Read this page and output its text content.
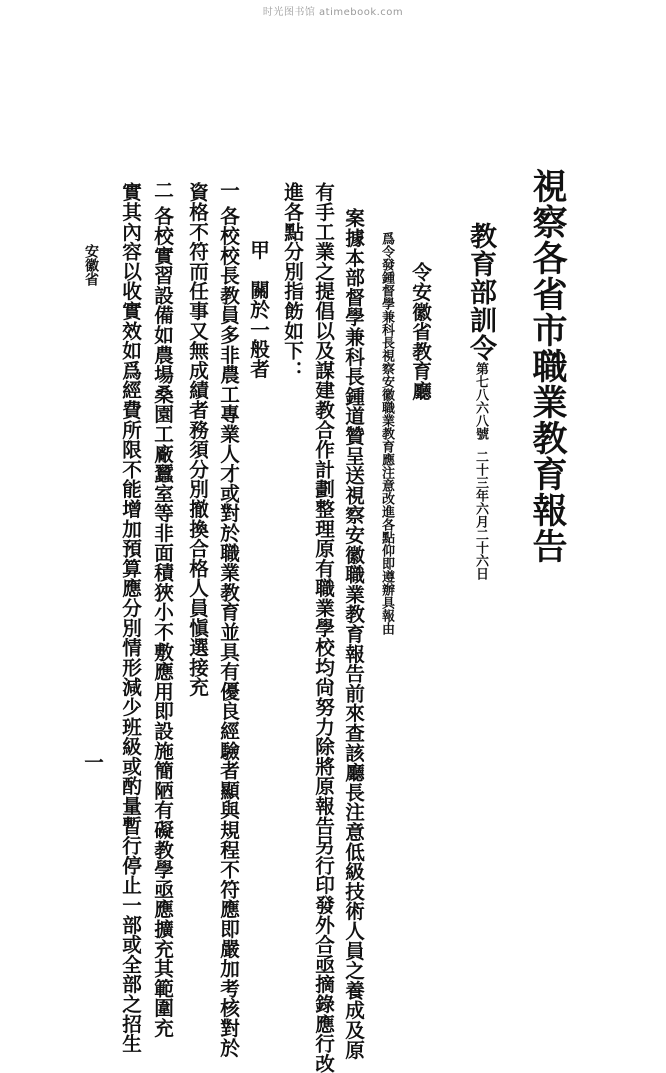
时光图书馆 atimebook.com
視察各省市職業教育報告
教育部訓令
第七八六八號
二十三年六月二十六日
令安徽省教育廳
爲令發鍾督學兼科長視察安徽職業教育應注意改進各點仰即遵辦具報由
案據本部督學兼科長鍾道贊呈送視察安徽職業教育報告前來查該廳長注意低級技術人員之養成及原
有手工業之提倡以及謀建教合作計劃整理原有職業學校均尙努力除將原報告另行印發外合亟摘錄應行改
進各點分別指飭如下：
甲　關於一般者
一
各校校長教員多非農工專業人才或對於職業教育並具有優良經驗者顯與規程不符應即嚴加考核對於
資格不符而任事又無成績者務須分別撤換合格人員愼選接充
二
各校實習設備如農場桑園工廠蠶室等非面積狹小不敷應用即設施簡陋有礙教學亟應擴充其範圍充
實其內容以收實效如爲經費所限不能增加預算應分別情形減少班級或酌量暫行停止一部或全部之招生
安徽省
一
